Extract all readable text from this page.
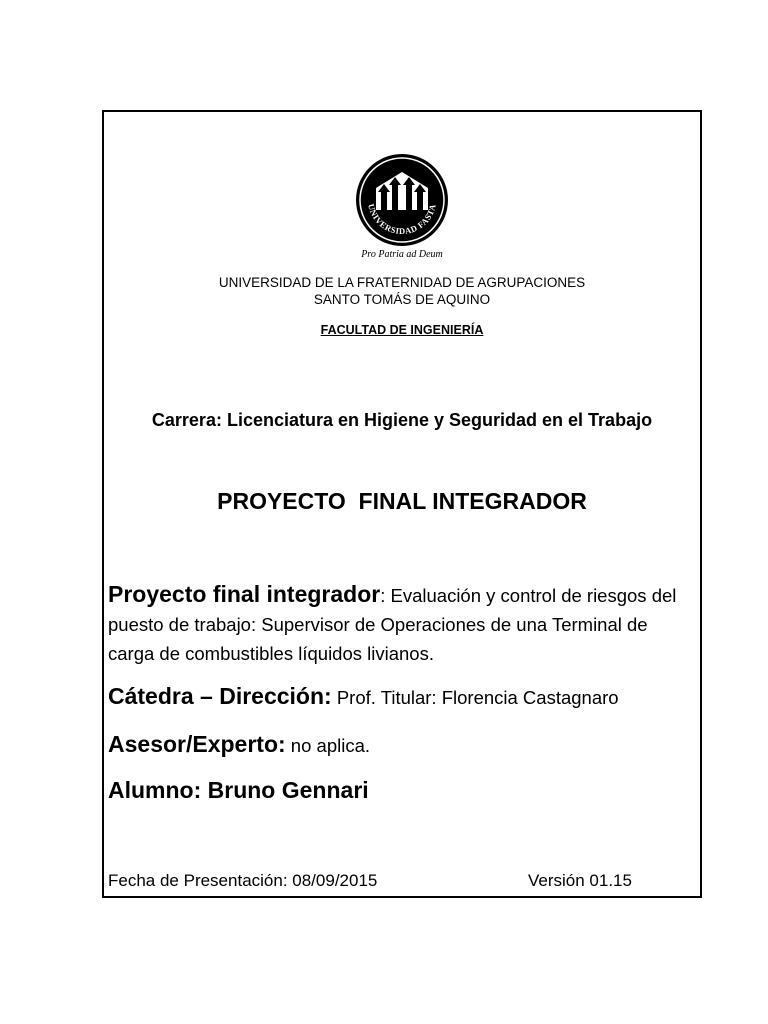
UNIVERSIDAD FASTA
Pro Patria ad Deum
UNIVERSIDAD DE LA FRATERNIDAD DE AGRUPACIONES
SANTO TOMÁS DE AQUINO
FACULTAD DE INGENIERÍA
Carrera: Licenciatura en Higiene y Seguridad en el Trabajo
PROYECTO  FINAL INTEGRADOR
Proyecto final integrador: Evaluación y control de riesgos del puesto de trabajo: Supervisor de Operaciones de una Terminal de carga de combustibles líquidos livianos.
Cátedra – Dirección: Prof. Titular: Florencia Castagnaro
Asesor/Experto: no aplica.
Alumno: Bruno Gennari
Fecha de Presentación: 08/09/2015	Versión 01.15
